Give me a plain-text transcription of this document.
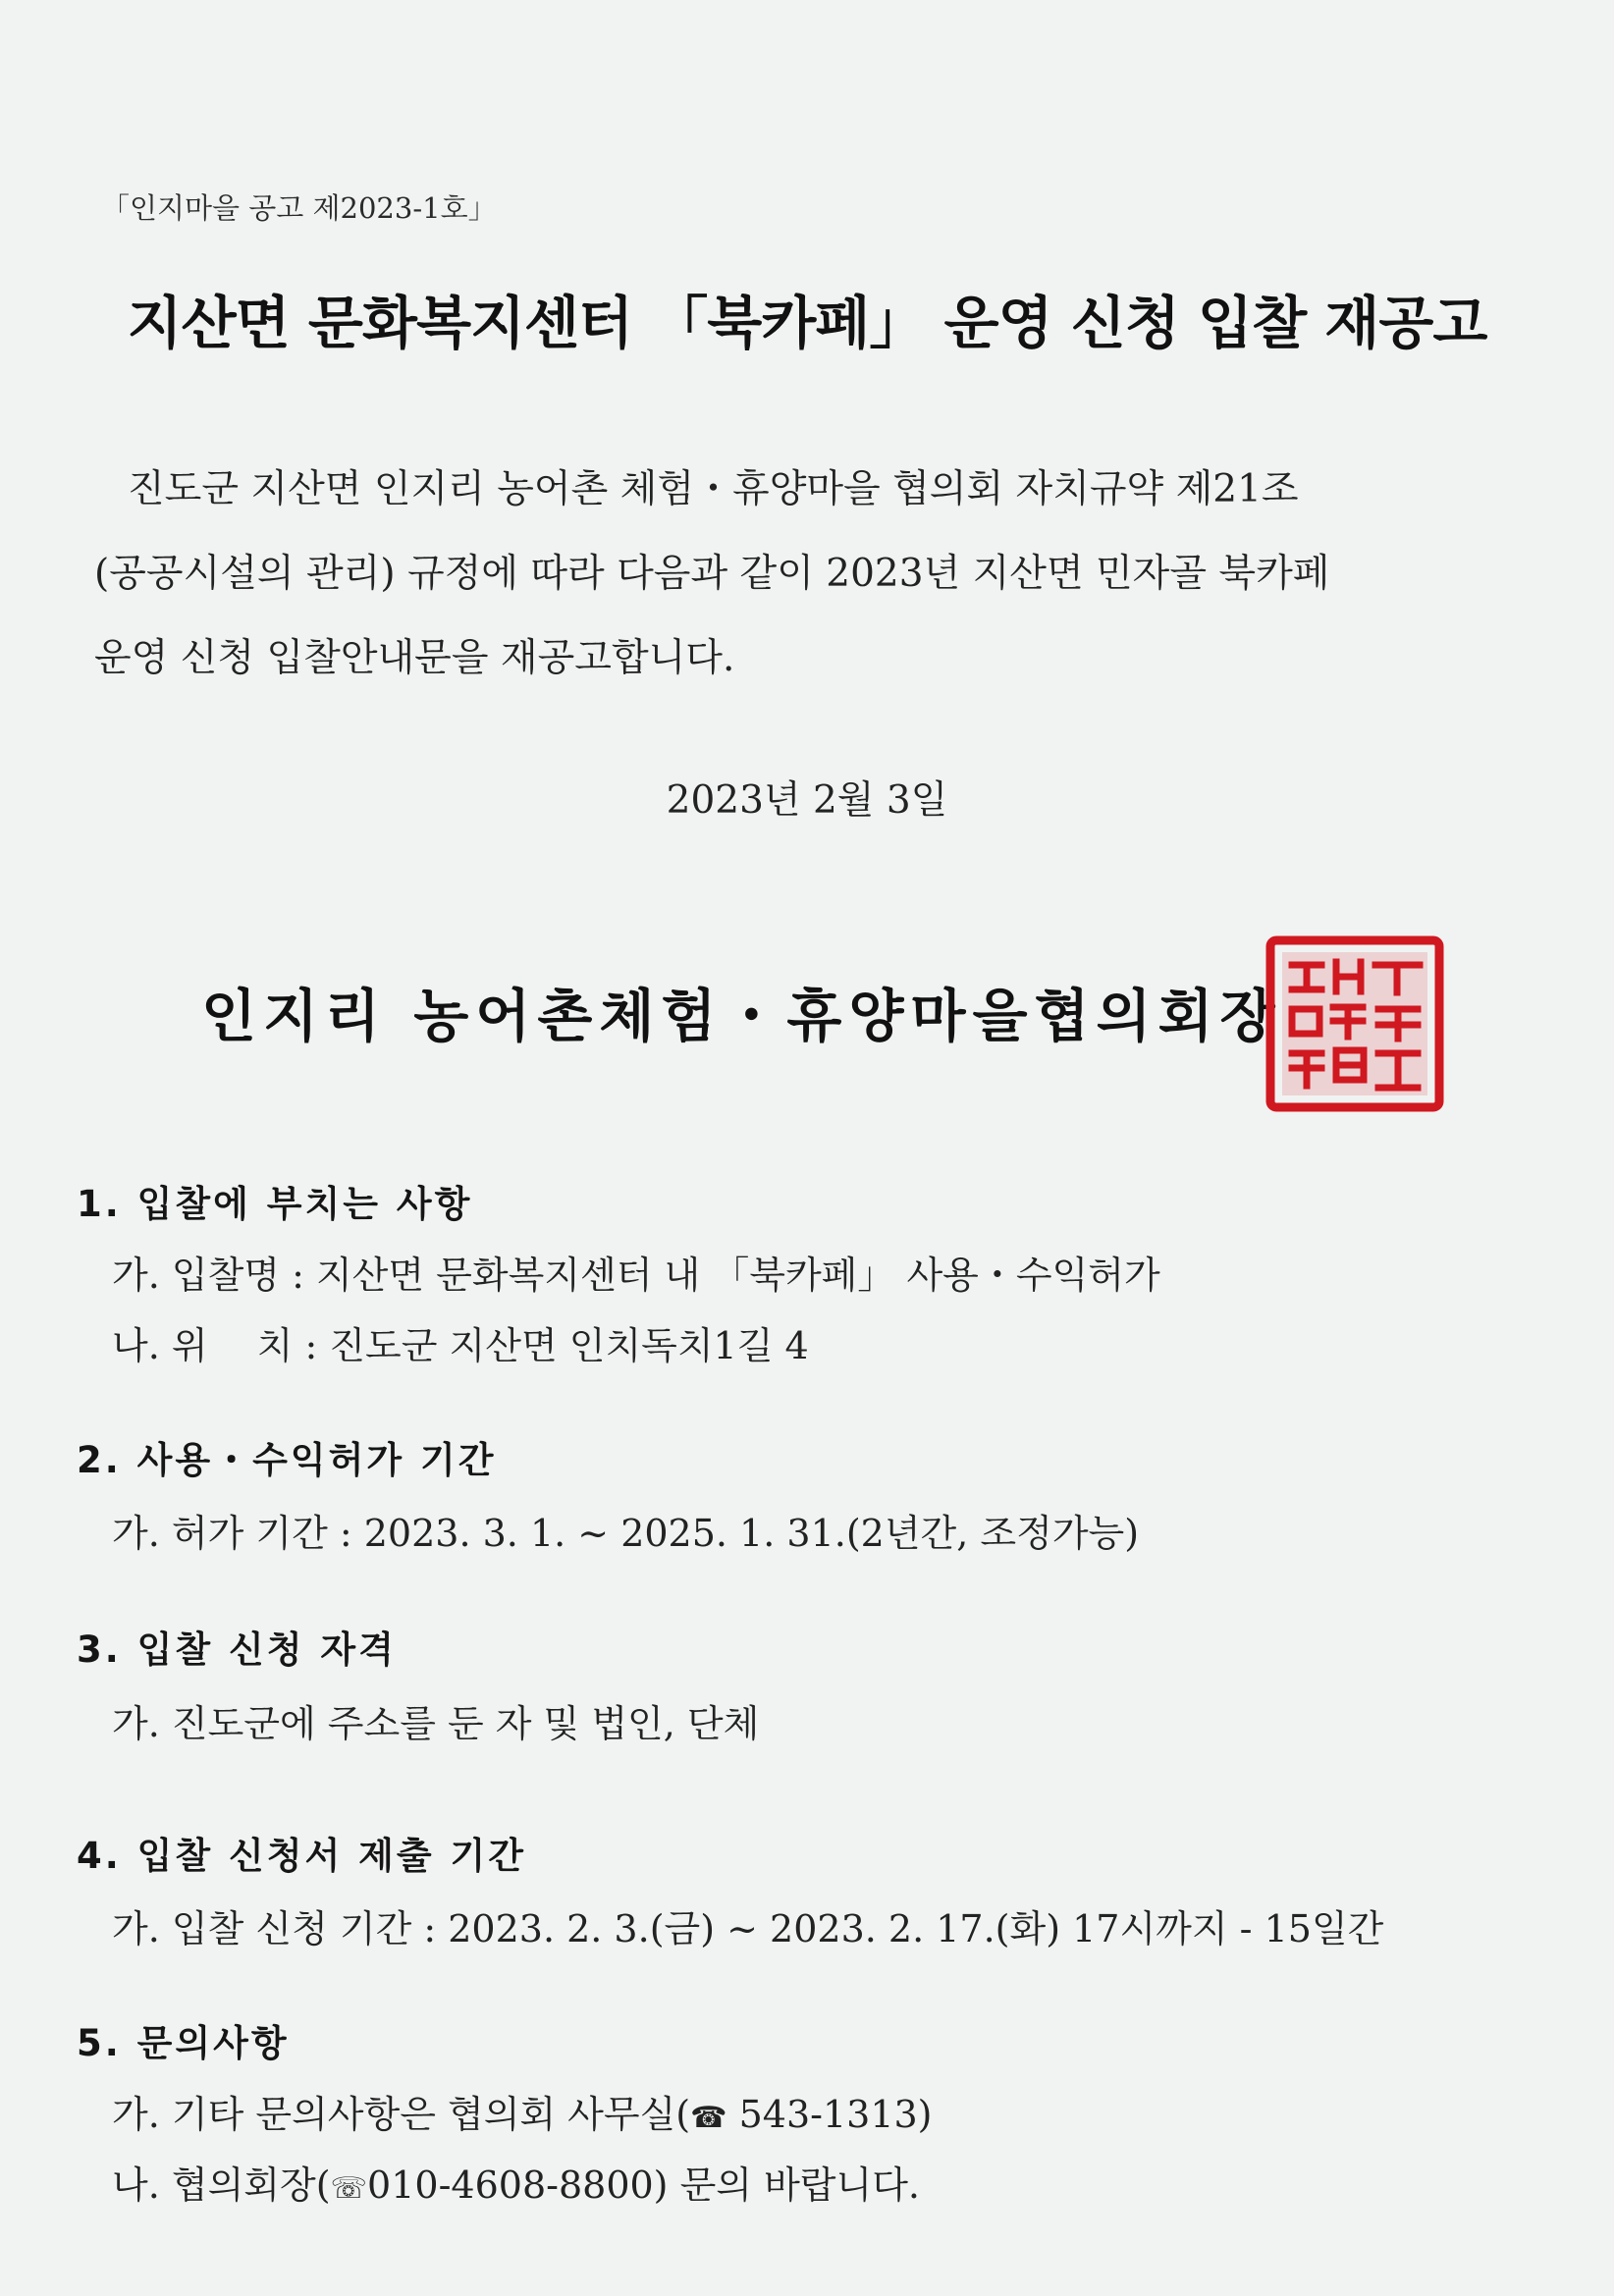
「인지마을 공고 제2023-1호」
지산면 문화복지센터 「북카페」 운영 신청 입찰 재공고
진도군 지산면 인지리 농어촌 체험・휴양마을 협의회 자치규약 제21조
(공공시설의 관리) 규정에 따라 다음과 같이 2023년 지산면 민자골 북카페
운영 신청 입찰안내문을 재공고합니다.
2023년 2월 3일
인지리 농어촌체험・휴양마을협의회장
1. 입찰에 부치는 사항
가. 입찰명 : 지산면 문화복지센터 내 「북카페」 사용・수익허가
나. 위　 치 : 진도군 지산면 인치독치1길 4
2. 사용・수익허가 기간
가. 허가 기간 : 2023. 3. 1. ~ 2025. 1. 31.(2년간, 조정가능)
3. 입찰 신청 자격
가. 진도군에 주소를 둔 자 및 법인, 단체
4. 입찰 신청서 제출 기간
가. 입찰 신청 기간 : 2023. 2. 3.(금) ~ 2023. 2. 17.(화) 17시까지 - 15일간
5. 문의사항
가. 기타 문의사항은 협의회 사무실(☎ 543-1313)
나. 협의회장(☏010-4608-8800) 문의 바랍니다.
